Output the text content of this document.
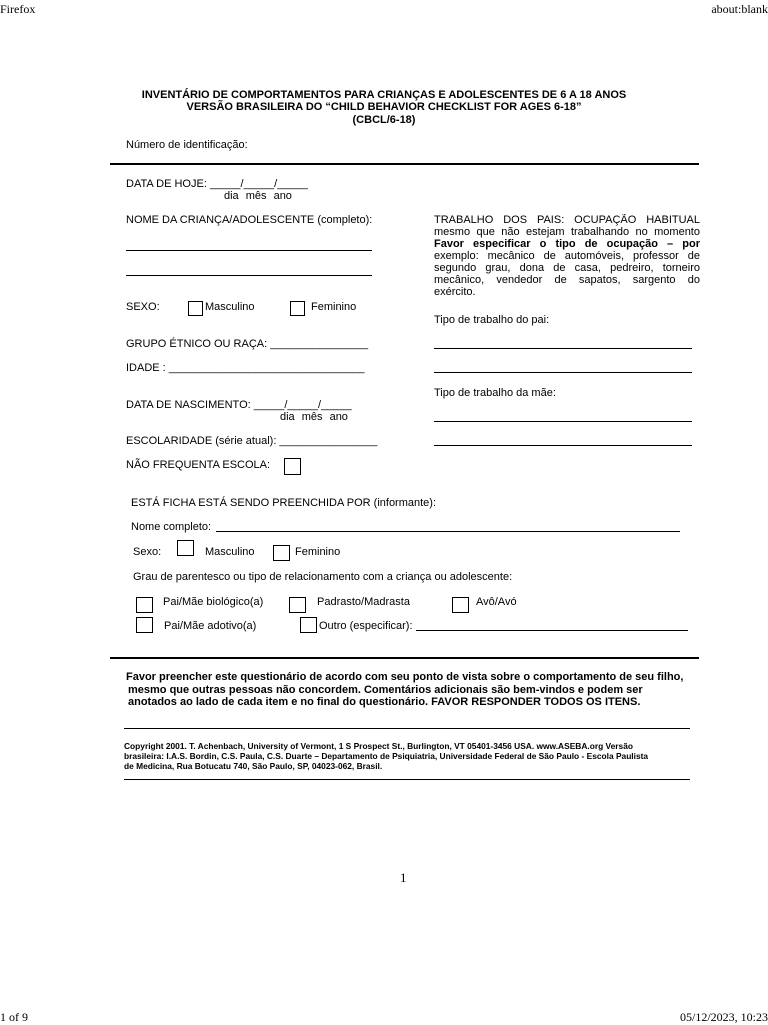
Firefox	about:blank
1 of 9	05/12/2023, 10:23
1
INVENTÁRIO DE COMPORTAMENTOS PARA CRIANÇAS E ADOLESCENTES DE 6 A 18 ANOS
VERSÃO BRASILEIRA DO “CHILD BEHAVIOR CHECKLIST FOR AGES 6-18”
(CBCL/6-18)
Número de identificação:
DATA DE HOJE: _____/_____/_____
dia mês ano
NOME DA CRIANÇA/ADOLESCENTE (completo):
SEXO:	Masculino	Feminino
GRUPO ÉTNICO OU RAÇA: ________________
IDADE : ________________________________
DATA DE NASCIMENTO: _____/_____/_____
dia mês ano
ESCOLARIDADE (série atual): ________________
NÃO FREQUENTA ESCOLA:
TRABALHO DOS PAIS: OCUPAÇÃO HABITUAL
mesmo que não estejam trabalhando no momento
Favor especificar o tipo de ocupação – por
exemplo: mecânico de automóveis, professor de
segundo grau, dona de casa, pedreiro, torneiro
mecânico, vendedor de sapatos, sargento do
exército.
Tipo de trabalho do pai:
Tipo de trabalho da mãe:
ESTÁ FICHA ESTÁ SENDO PREENCHIDA POR (informante):
Nome completo:
Sexo:	Masculino	Feminino
Grau de parentesco ou tipo de relacionamento com a criança ou adolescente:
Pai/Mãe biológico(a)	Padrasto/Madrasta	Avô/Avó
Pai/Mãe adotivo(a)	Outro (especificar):
Favor preencher este questionário de acordo com seu ponto de vista sobre o comportamento de seu filho,
mesmo que outras pessoas não concordem. Comentários adicionais são bem-vindos e podem ser
anotados ao lado de cada item e no final do questionário. FAVOR RESPONDER TODOS OS ITENS.
Copyright 2001. T. Achenbach, University of Vermont, 1 S Prospect St., Burlington, VT 05401-3456 USA. www.ASEBA.org Versão
brasileira: I.A.S. Bordin, C.S. Paula, C.S. Duarte – Departamento de Psiquiatria, Universidade Federal de São Paulo - Escola Paulista
de Medicina, Rua Botucatu 740, São Paulo, SP, 04023-062, Brasil.
